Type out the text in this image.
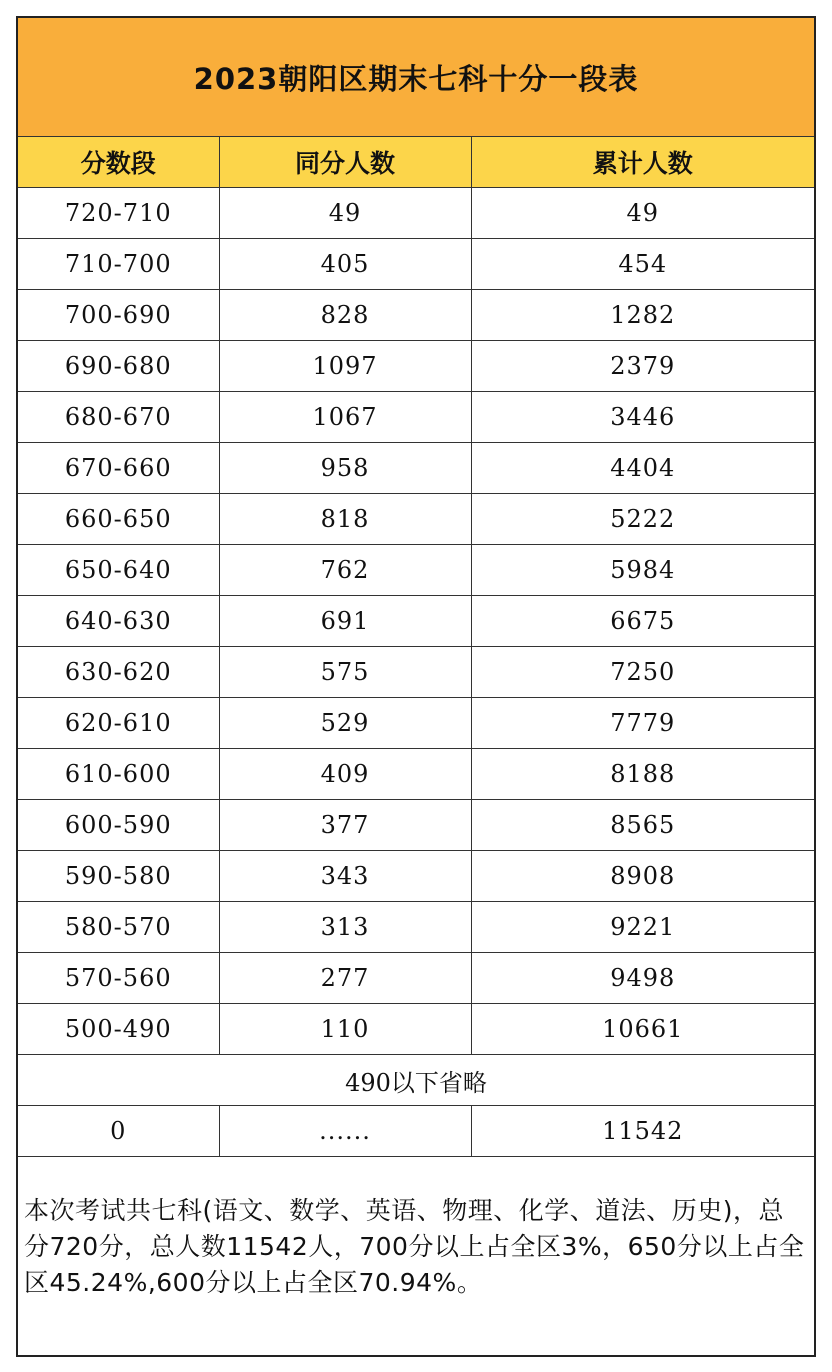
2023朝阳区期末七科十分一段表		
分数段	同分人数	累计人数
720-710	49	49
710-700	405	454
700-690	828	1282
690-680	1097	2379
680-670	1067	3446
670-660	958	4404
660-650	818	5222
650-640	762	5984
640-630	691	6675
630-620	575	7250
620-610	529	7779
610-600	409	8188
600-590	377	8565
590-580	343	8908
580-570	313	9221
570-560	277	9498
500-490	110	10661
490以下省略		
0	......	11542
本次考试共七科(语文、数学、英语、物理、化学、道法、历史)，总分720分，总人数11542人，700分以上占全区3%，650分以上占全区45.24%,600分以上占全区70.94%。
